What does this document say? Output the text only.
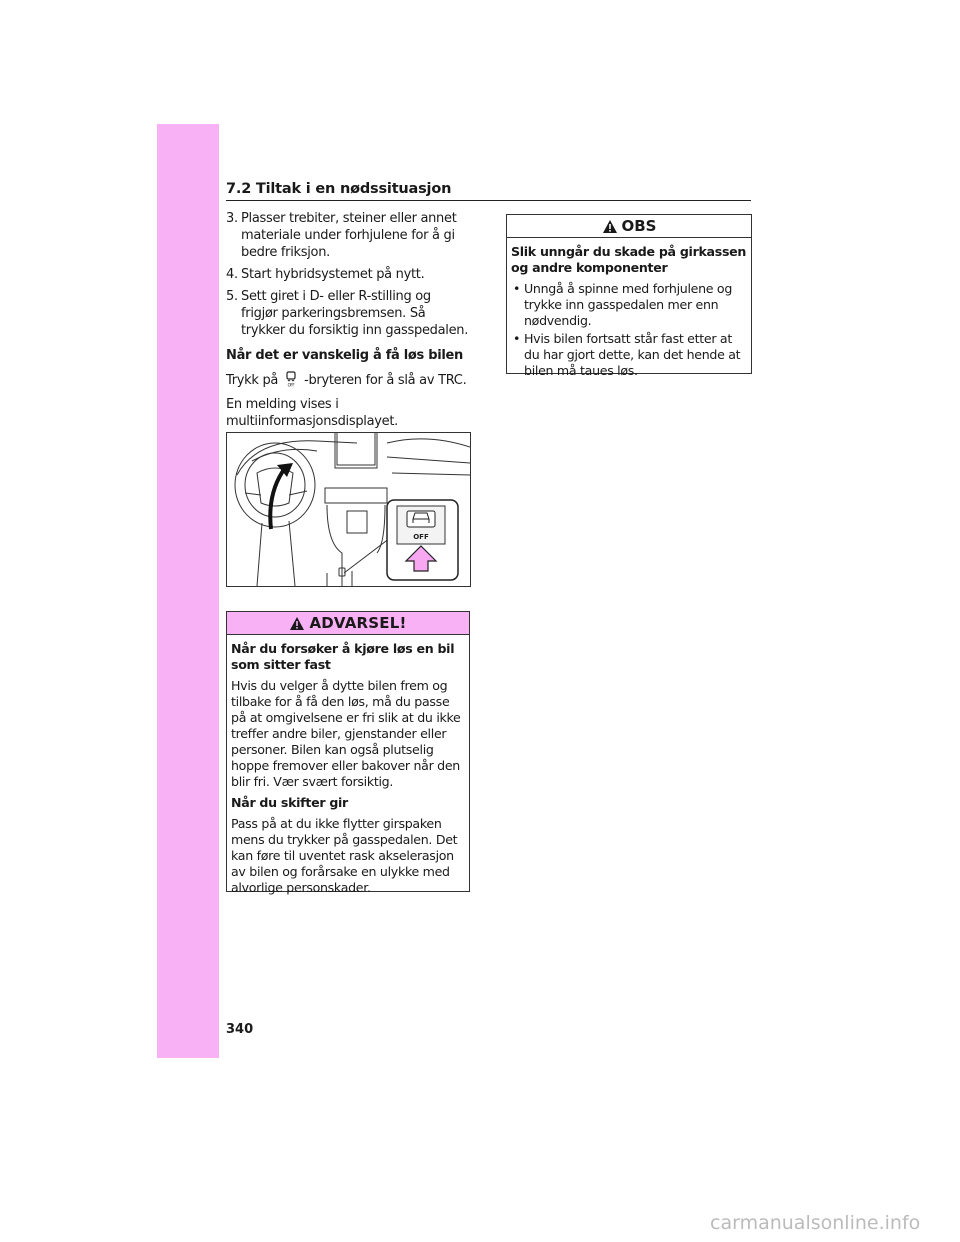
7.2 Tiltak i en nødssituasjon
3. Plasser trebiter, steiner eller annet materiale under forhjulene for å gi bedre friksjon.
4. Start hybridsystemet på nytt.
5. Sett giret i D- eller R-stilling og frigjør parkeringsbremsen. Så trykker du forsiktig inn gasspedalen.
Når det er vanskelig å få løs bilen
Trykk på OFF -bryteren for å slå av TRC.
En melding vises i multiinformasjonsdisplayet.
OFF
ADVARSEL!

Når du forsøker å kjøre løs en bil som sitter fast

Hvis du velger å dytte bilen frem og tilbake for å få den løs, må du passe på at omgivelsene er fri slik at du ikke treffer andre biler, gjenstander eller personer. Bilen kan også plutselig hoppe fremover eller bakover når den blir fri. Vær svært forsiktig.

Når du skifter gir

Pass på at du ikke flytter girspaken mens du trykker på gasspedalen. Det kan føre til uventet rask akselerasjon av bilen og forårsake en ulykke med alvorlige personskader.

OBS

Slik unngår du skade på girkassen og andre komponenter

• Unngå å spinne med forhjulene og trykke inn gasspedalen mer enn nødvendig.
• Hvis bilen fortsatt står fast etter at du har gjort dette, kan det hende at bilen må taues løs.
340
carmanualsonline.info
